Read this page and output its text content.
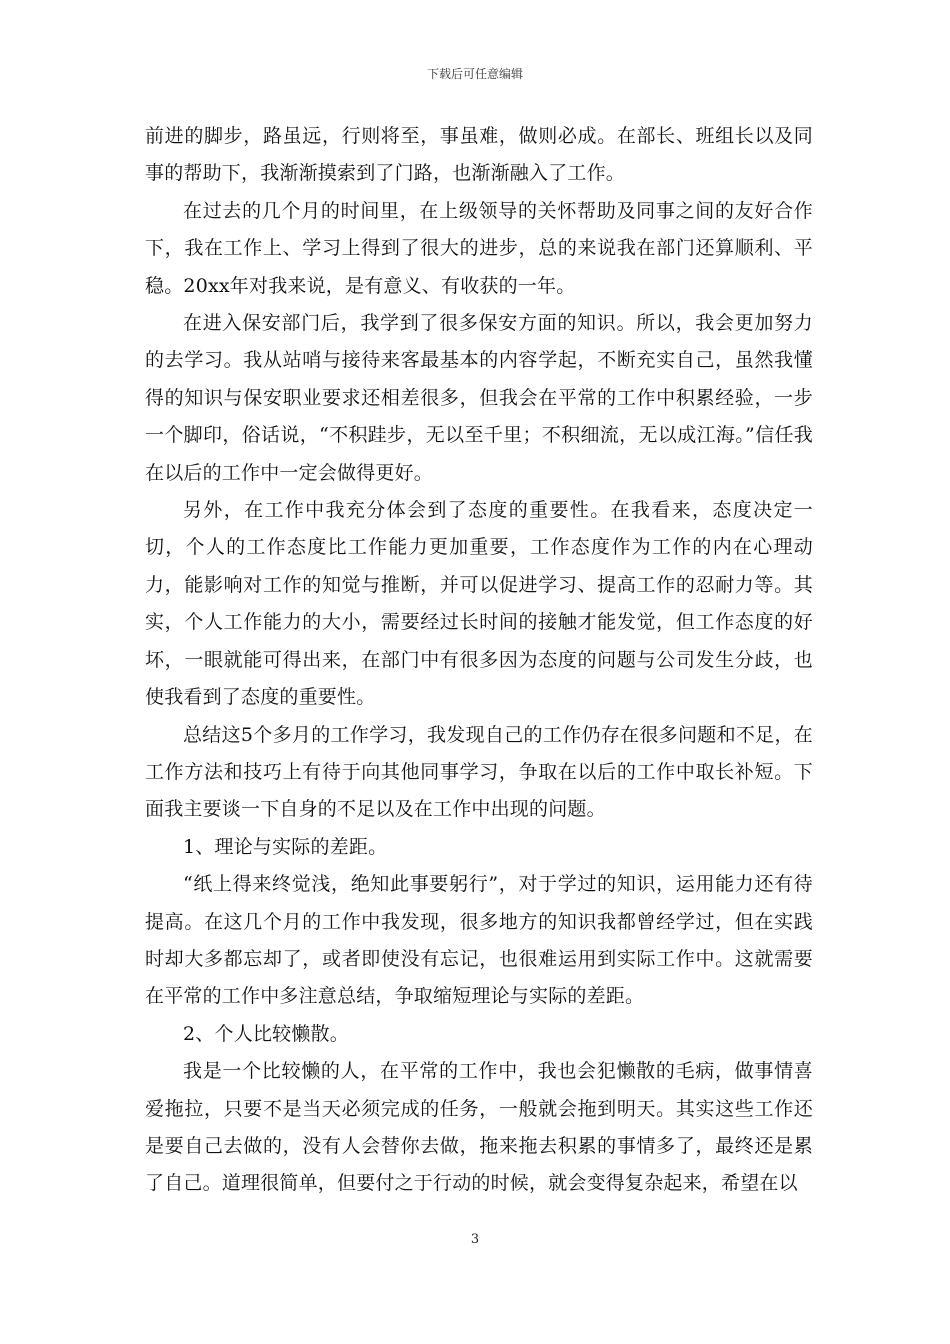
下载后可任意编辑

前进的脚步，路虽远，行则将至，事虽难，做则必成。在部长、班组长以及同事的帮助下，我渐渐摸索到了门路，也渐渐融入了工作。

在过去的几个月的时间里，在上级领导的关怀帮助及同事之间的友好合作下，我在工作上、学习上得到了很大的进步，总的来说我在部门还算顺利、平稳。20xx年对我来说，是有意义、有收获的一年。

在进入保安部门后，我学到了很多保安方面的知识。所以，我会更加努力的去学习。我从站哨与接待来客最基本的内容学起，不断充实自己，虽然我懂得的知识与保安职业要求还相差很多，但我会在平常的工作中积累经验，一步一个脚印，俗话说，“不积跬步，无以至千里；不积细流，无以成江海。”信任我在以后的工作中一定会做得更好。

另外，在工作中我充分体会到了态度的重要性。在我看来，态度决定一切，个人的工作态度比工作能力更加重要，工作态度作为工作的内在心理动力，能影响对工作的知觉与推断，并可以促进学习、提高工作的忍耐力等。其实，个人工作能力的大小，需要经过长时间的接触才能发觉，但工作态度的好坏，一眼就能可得出来，在部门中有很多因为态度的问题与公司发生分歧，也使我看到了态度的重要性。

总结这5个多月的工作学习，我发现自己的工作仍存在很多问题和不足，在工作方法和技巧上有待于向其他同事学习，争取在以后的工作中取长补短。下面我主要谈一下自身的不足以及在工作中出现的问题。

1、理论与实际的差距。

“纸上得来终觉浅，绝知此事要躬行”，对于学过的知识，运用能力还有待提高。在这几个月的工作中我发现，很多地方的知识我都曾经学过，但在实践时却大多都忘却了，或者即使没有忘记，也很难运用到实际工作中。这就需要在平常的工作中多注意总结，争取缩短理论与实际的差距。

2、个人比较懒散。

我是一个比较懒的人，在平常的工作中，我也会犯懒散的毛病，做事情喜爱拖拉，只要不是当天必须完成的任务，一般就会拖到明天。其实这些工作还是要自己去做的，没有人会替你去做，拖来拖去积累的事情多了，最终还是累了自己。道理很简单，但要付之于行动的时候，就会变得复杂起来，希望在以

3
